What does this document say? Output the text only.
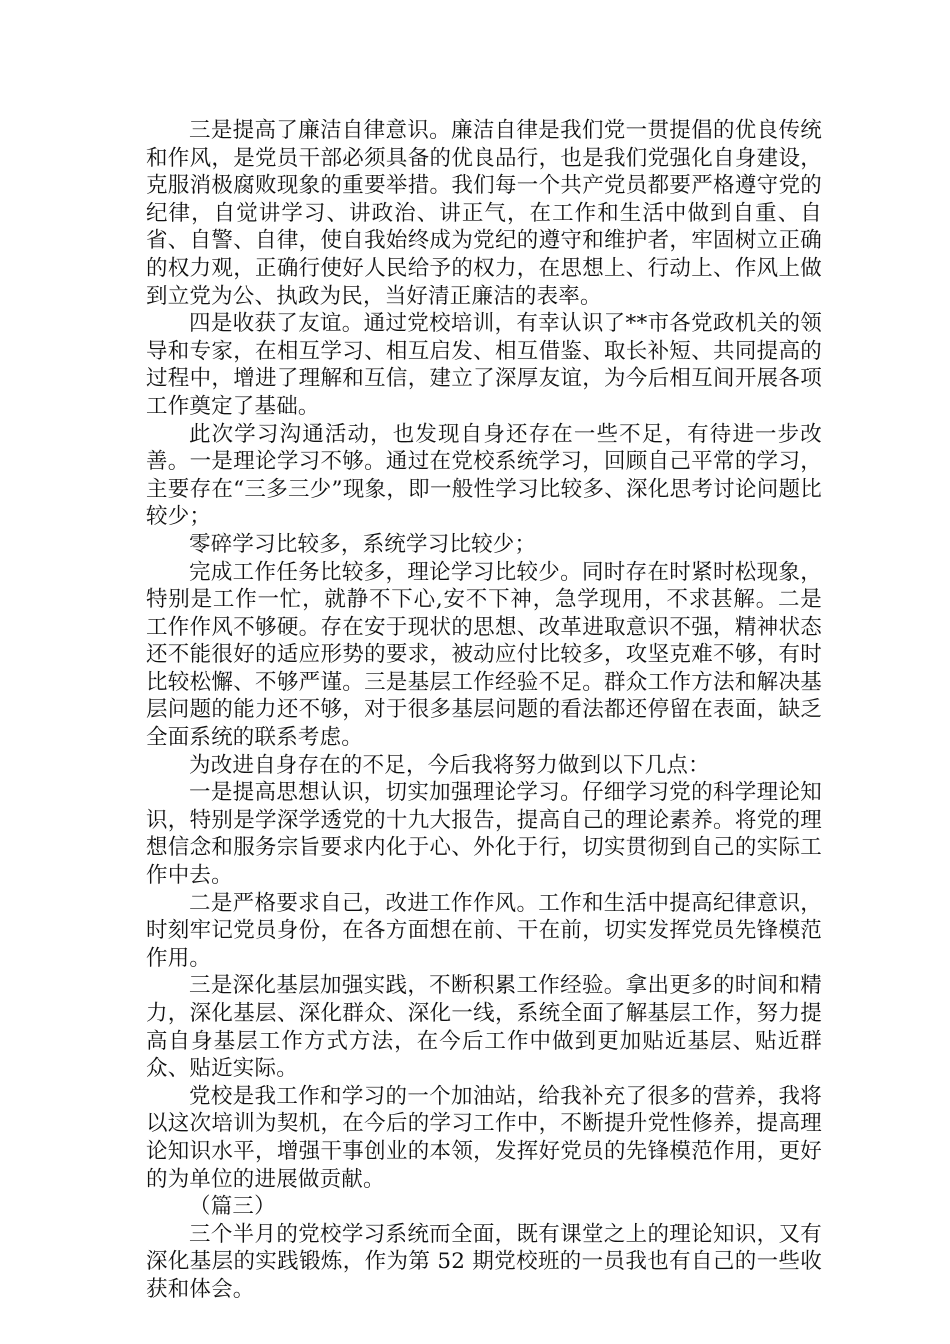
三是提高了廉洁自律意识。廉洁自律是我们党一贯提倡的优良传统和作风，是党员干部必须具备的优良品行，也是我们党强化自身建设，克服消极腐败现象的重要举措。我们每一个共产党员都要严格遵守党的纪律，自觉讲学习、讲政治、讲正气，在工作和生活中做到自重、自省、自警、自律，使自我始终成为党纪的遵守和维护者，牢固树立正确的权力观，正确行使好人民给予的权力，在思想上、行动上、作风上做到立党为公、执政为民，当好清正廉洁的表率。

四是收获了友谊。通过党校培训，有幸认识了**市各党政机关的领导和专家，在相互学习、相互启发、相互借鉴、取长补短、共同提高的过程中，增进了理解和互信，建立了深厚友谊，为今后相互间开展各项工作奠定了基础。

此次学习沟通活动，也发现自身还存在一些不足，有待进一步改善。一是理论学习不够。通过在党校系统学习，回顾自己平常的学习，主要存在“三多三少”现象，即一般性学习比较多、深化思考讨论问题比较少；

零碎学习比较多，系统学习比较少；

完成工作任务比较多，理论学习比较少。同时存在时紧时松现象，特别是工作一忙，就静不下心,安不下神，急学现用，不求甚解。二是工作作风不够硬。存在安于现状的思想、改革进取意识不强，精神状态还不能很好的适应形势的要求，被动应付比较多，攻坚克难不够，有时比较松懈、不够严谨。三是基层工作经验不足。群众工作方法和解决基层问题的能力还不够，对于很多基层问题的看法都还停留在表面，缺乏全面系统的联系考虑。

为改进自身存在的不足，今后我将努力做到以下几点：

一是提高思想认识，切实加强理论学习。仔细学习党的科学理论知识，特别是学深学透党的十九大报告，提高自己的理论素养。将党的理想信念和服务宗旨要求内化于心、外化于行，切实贯彻到自己的实际工作中去。

二是严格要求自己，改进工作作风。工作和生活中提高纪律意识，时刻牢记党员身份，在各方面想在前、干在前，切实发挥党员先锋模范作用。

三是深化基层加强实践，不断积累工作经验。拿出更多的时间和精力，深化基层、深化群众、深化一线，系统全面了解基层工作，努力提高自身基层工作方式方法，在今后工作中做到更加贴近基层、贴近群众、贴近实际。

党校是我工作和学习的一个加油站，给我补充了很多的营养，我将以这次培训为契机，在今后的学习工作中，不断提升党性修养，提高理论知识水平，增强干事创业的本领，发挥好党员的先锋模范作用，更好的为单位的进展做贡献。

（篇三）

三个半月的党校学习系统而全面，既有课堂之上的理论知识，又有深化基层的实践锻炼，作为第 52 期党校班的一员我也有自己的一些收获和体会。
